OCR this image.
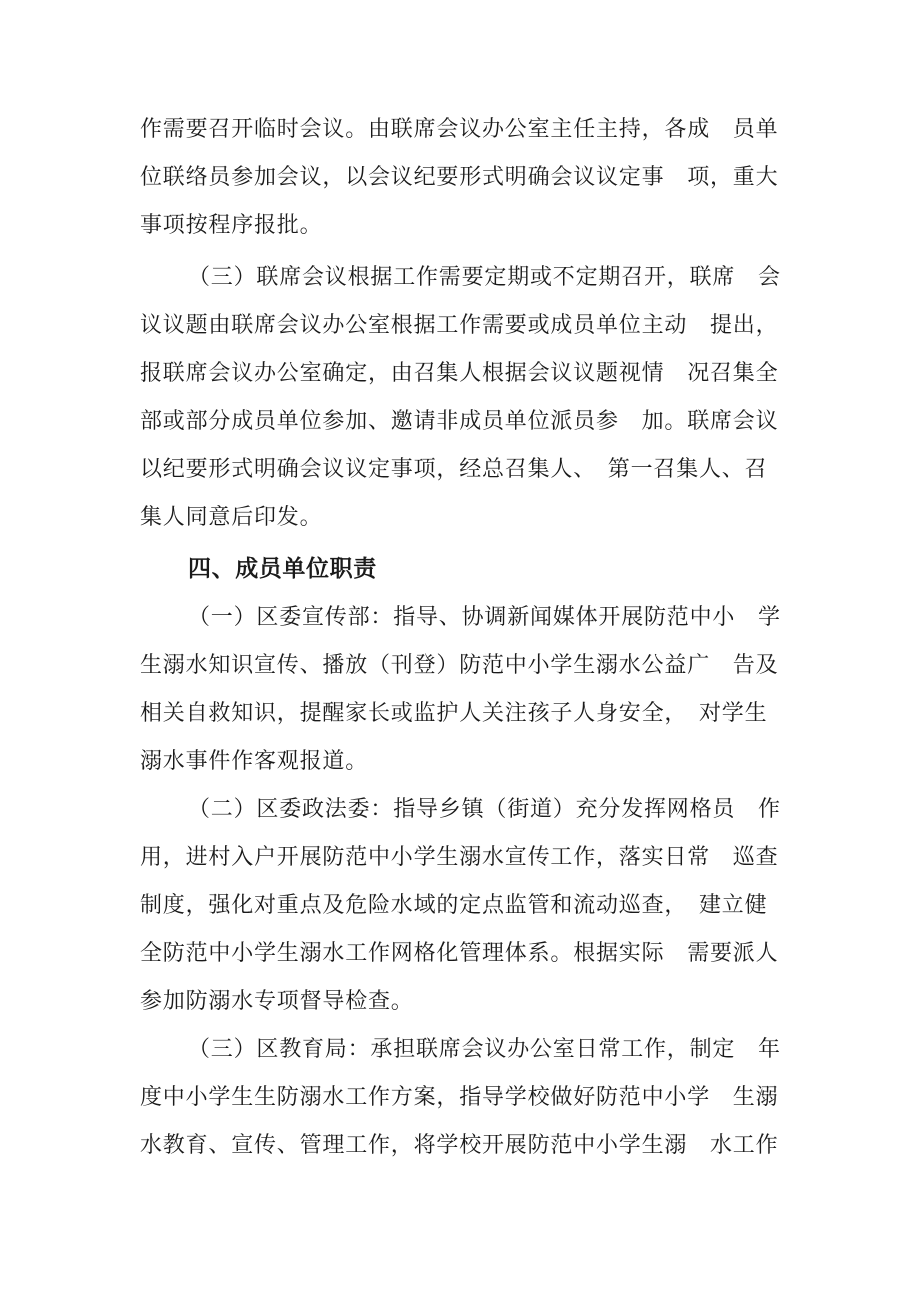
作需要召开临时会议。由联席会议办公室主任主持，各成　员单
位联络员参加会议，以会议纪要形式明确会议议定事　项，重大
事项按程序报批。
（三）联席会议根据工作需要定期或不定期召开，联席　会
议议题由联席会议办公室根据工作需要或成员单位主动　提出，
报联席会议办公室确定，由召集人根据会议议题视情　况召集全
部或部分成员单位参加、邀请非成员单位派员参　加。联席会议
以纪要形式明确会议议定事项，经总召集人、　第一召集人、召
集人同意后印发。
四、成员单位职责
（一）区委宣传部：指导、协调新闻媒体开展防范中小　学
生溺水知识宣传、播放（刊登）防范中小学生溺水公益广　告及
相关自救知识，提醒家长或监护人关注孩子人身安全，　对学生
溺水事件作客观报道。
（二）区委政法委：指导乡镇（街道）充分发挥网格员　作
用，进村入户开展防范中小学生溺水宣传工作，落实日常　巡查
制度，强化对重点及危险水域的定点监管和流动巡查，　建立健
全防范中小学生溺水工作网格化管理体系。根据实际　需要派人
参加防溺水专项督导检查。
（三）区教育局：承担联席会议办公室日常工作，制定　年
度中小学生生防溺水工作方案，指导学校做好防范中小学　生溺
水教育、宣传、管理工作，将学校开展防范中小学生溺　水工作
